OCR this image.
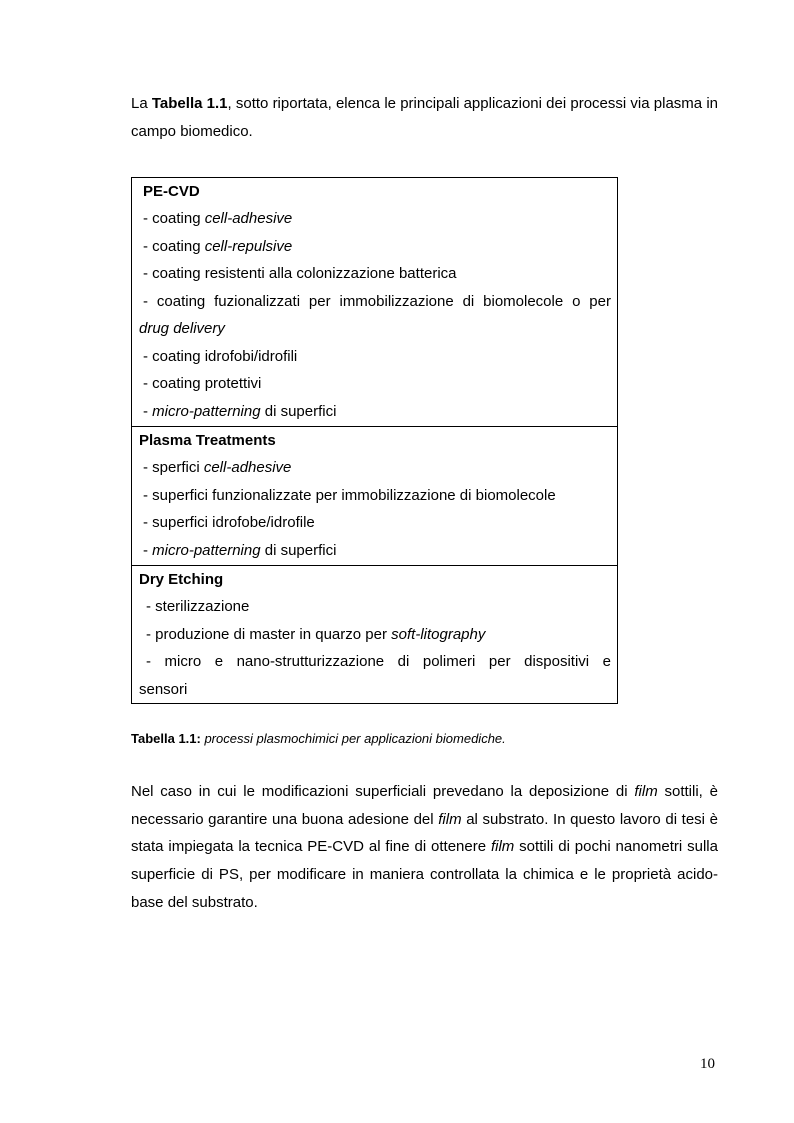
La Tabella 1.1, sotto riportata, elenca le principali applicazioni dei processi via plasma in campo biomedico.

PE-CVD
- coating cell-adhesive
- coating cell-repulsive
- coating resistenti alla colonizzazione batterica
- coating fuzionalizzati per immobilizzazione di biomolecole o per
drug delivery
- coating idrofobi/idrofili
- coating protettivi
- micro-patterning di superfici

Plasma Treatments
- sperfici cell-adhesive
- superfici funzionalizzate per immobilizzazione di biomolecole
- superfici idrofobe/idrofile
- micro-patterning di superfici

Dry Etching
- sterilizzazione
- produzione di master in quarzo per soft-litography
- micro e nano-strutturizzazione di polimeri per dispositivi e
sensori

Tabella 1.1: processi plasmochimici per applicazioni biomediche.

Nel caso in cui le modificazioni superficiali prevedano la deposizione di film sottili, è necessario garantire una buona adesione del film al substrato. In questo lavoro di tesi è stata impiegata la tecnica PE-CVD al fine di ottenere film sottili di pochi nanometri sulla superficie di PS, per modificare in maniera controllata la chimica e le proprietà acido-base del substrato.

10
